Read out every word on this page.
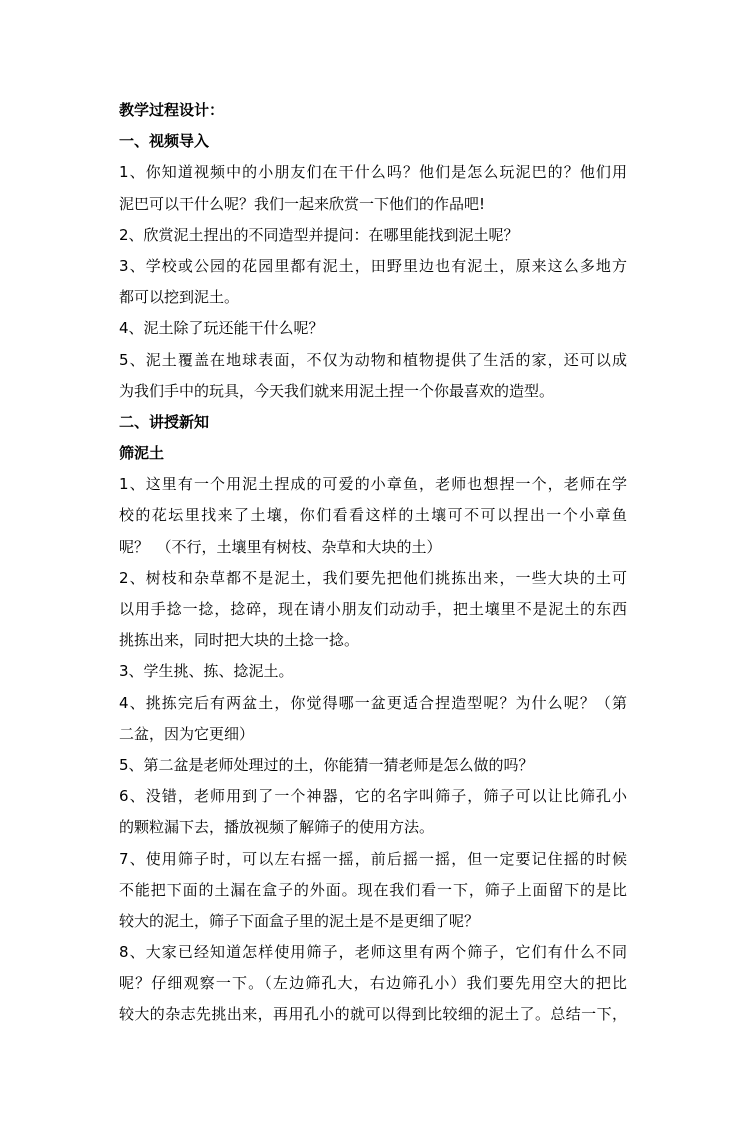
教学过程设计：
一、视频导入
1、你知道视频中的小朋友们在干什么吗？他们是怎么玩泥巴的？他们用
泥巴可以干什么呢？我们一起来欣赏一下他们的作品吧!
2、欣赏泥土捏出的不同造型并提问：在哪里能找到泥土呢？
3、学校或公园的花园里都有泥土，田野里边也有泥土，原来这么多地方
都可以挖到泥土。
4、泥土除了玩还能干什么呢？
5、泥土覆盖在地球表面，不仅为动物和植物提供了生活的家，还可以成
为我们手中的玩具，今天我们就来用泥土捏一个你最喜欢的造型。
二、讲授新知
筛泥土
1、这里有一个用泥土捏成的可爱的小章鱼，老师也想捏一个，老师在学
校的花坛里找来了土壤，你们看看这样的土壤可不可以捏出一个小章鱼
呢？　（不行，土壤里有树枝、杂草和大块的土）
2、树枝和杂草都不是泥土，我们要先把他们挑拣出来，一些大块的土可
以用手捻一捻，捻碎，现在请小朋友们动动手，把土壤里不是泥土的东西
挑拣出来，同时把大块的土捻一捻。
3、学生挑、拣、捻泥土。
4、挑拣完后有两盆土，你觉得哪一盆更适合捏造型呢？为什么呢？（第
二盆，因为它更细）
5、第二盆是老师处理过的土，你能猜一猜老师是怎么做的吗？
6、没错，老师用到了一个神器，它的名字叫筛子，筛子可以让比筛孔小
的颗粒漏下去，播放视频了解筛子的使用方法。
7、使用筛子时，可以左右摇一摇，前后摇一摇，但一定要记住摇的时候
不能把下面的土漏在盒子的外面。现在我们看一下，筛子上面留下的是比
较大的泥土，筛子下面盒子里的泥土是不是更细了呢？
8、大家已经知道怎样使用筛子，老师这里有两个筛子，它们有什么不同
呢？仔细观察一下。（左边筛孔大，右边筛孔小）我们要先用空大的把比
较大的杂志先挑出来，再用孔小的就可以得到比较细的泥土了。总结一下，
